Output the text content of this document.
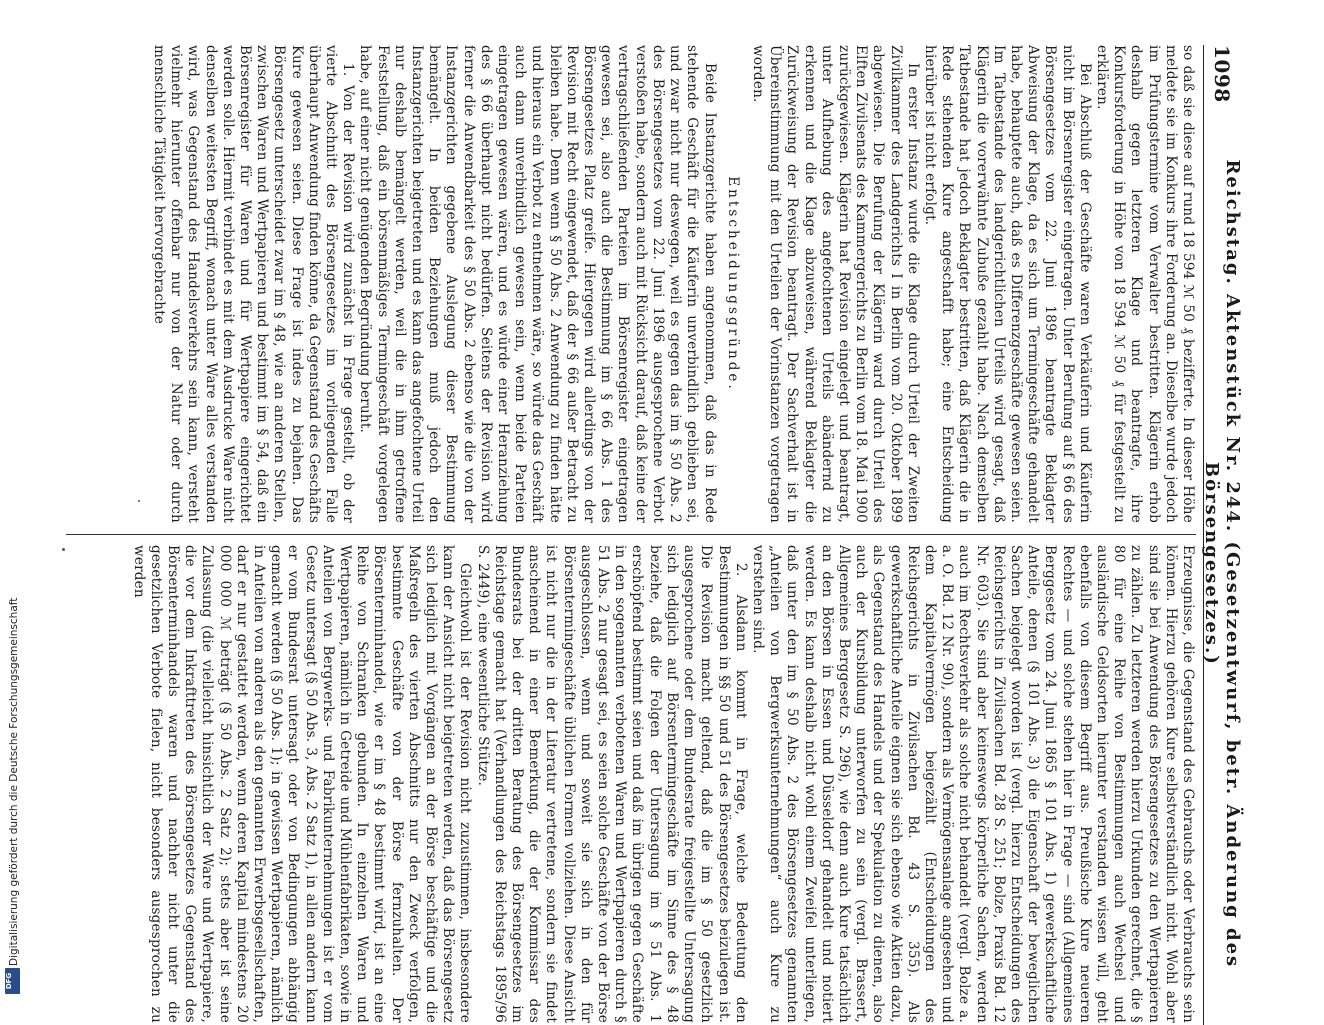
1098
Reichstag. Aktenstück Nr. 244. (Gesetzentwurf, betr. Änderung des Börsengesetzes.)

so daß sie diese auf rund 18 594 ℳ 50 ₰ bezifferte. In dieser Höhe meldete sie im Konkurs ihre Forderung an. Dieselbe wurde jedoch im Prüfungstermine vom Verwalter bestritten. Klägerin erhob deshalb gegen letzteren Klage und beantragte, ihre Konkursforderung in Höhe von 18 594 ℳ 50 ₰ für festgestellt zu erklären.

Bei Abschluß der Geschäfte waren Verkäuferin und Käuferin nicht im Börsenregister eingetragen. Unter Berufung auf § 66 des Börsengesetzes vom 22. Juni 1896 beantragte Beklagter Abweisung der Klage, da es sich um Termingeschäfte gehandelt habe, behauptete auch, daß es Differenzgeschäfte gewesen seien. Im Tatbestande des landgerichtlichen Urteils wird gesagt, daß Klägerin die vorerwähnte Zubuße gezahlt habe. Nach demselben Tatbestande hat jedoch Beklagter bestritten, daß Klägerin die in Rede stehenden Kure angeschafft habe; eine Entscheidung hierüber ist nicht erfolgt.

In erster Instanz wurde die Klage durch Urteil der Zweiten Zivilkammer des Landgerichts I in Berlin vom 20. Oktober 1899 abgewiesen. Die Berufung der Klägerin ward durch Urteil des Elften Zivilsenats des Kammergerichts zu Berlin vom 18. Mai 1900 zurückgewiesen. Klägerin hat Revision eingelegt und beantragt, unter Aufhebung des angefochtenen Urteils abändernd zu erkennen und die Klage abzuweisen, während Beklagter die Zurückweisung der Revision beantragt. Der Sachverhalt ist in Übereinstimmung mit den Urteilen der Vorinstanzen vorgetragen worden.

Entscheidungsgründe.

Beide Instanzgerichte haben angenommen, daß das in Rede stehende Geschäft für die Käuferin unverbindlich geblieben sei, und zwar nicht nur deswegen, weil es gegen das im § 50 Abs. 2 des Börsengesetzes vom 22. Juni 1896 ausgesprochene Verbot verstoßen habe, sondern auch mit Rücksicht darauf, daß keine der vertragschließenden Parteien im Börsenregister eingetragen gewesen sei, also auch die Bestimmung im § 66 Abs. 1 des Börsengesetzes Platz greife. Hiergegen wird allerdings von der Revision mit Recht eingewendet, daß der § 66 außer Betracht zu bleiben habe. Denn wenn § 50 Abs. 2 Anwendung zu finden hätte und hieraus ein Verbot zu entnehmen wäre, so würde das Geschäft auch dann unverbindlich gewesen sein, wenn beide Parteien eingetragen gewesen wären, und es würde einer Heranziehung des § 66 überhaupt nicht bedürfen. Seitens der Revision wird ferner die Anwendbarkeit des § 50 Abs. 2 ebenso wie die von der Instanzgerichten gegebene Auslegung dieser Bestimmung bemängelt. In beiden Beziehungen muß jedoch den Instanzgerichten beigetreten und es kann das angefochtene Urteil nur deshalb bemängelt werden, weil die in ihm getroffene Feststellung, daß ein börsenmäßiges Termingeschäft vorgelegen habe, auf einer nicht genügenden Begründung beruht.

1. Von der Revision wird zunächst in Frage gestellt, ob der vierte Abschnitt des Börsengesetzes im vorliegenden Falle überhaupt Anwendung finden könne, da Gegenstand des Geschäfts Kure gewesen seien. Diese Frage ist indes zu bejahen. Das Börsengesetz unterscheidet zwar im § 48, wie an anderen Stellen, zwischen Waren und Wertpapieren und bestimmt im § 54, daß ein Börsenregister für Waren und für Wertpapiere eingerichtet werden solle. Hiermit verbindet es mit dem Ausdrucke Ware nicht denselben weitesten Begriff, wonach unter Ware alles verstanden wird, was Gegenstand des Handelsverkehrs sein kann, versteht vielmehr hierunter offenbar nur von der Natur oder durch menschliche Tätigkeit hervorgebrachte

Erzeugnisse, die Gegenstand des Gebrauchs oder Verbrauchs sein können. Hierzu gehören Kure selbstverständlich nicht. Wohl aber sind sie bei Anwendung des Börsengesetzes zu den Wertpapieren zu zählen. Zu letzteren werden hierzu Urkunden gerechnet, die § 80 für eine Reihe von Bestimmungen auch Wechsel und ausländische Geldsorten hierunter verstanden wissen will, geht ebenfalls von diesem Begriff aus. Preußische Kure neueren Rechtes — und solche stehen hier in Frage — sind (Allgemeines Berggesetz vom 24. Juni 1865 § 101 Abs. 1) gewerkschaftliche Anteile, denen (§ 101 Abs. 3) die Eigenschaft der beweglichen Sachen beigelegt worden ist (vergl. hierzu Entscheidungen des Reichsgerichts in Zivilsachen Bd. 28 S. 251; Bolze, Praxis Bd. 12 Nr. 603). Sie sind aber keineswegs körperliche Sachen, werden auch im Rechtsverkehr als solche nicht behandelt (vergl. Bolze a. a. O. Bd. 12 Nr. 90), sondern als Vermögensanlage angesehen und dem Kapitalvermögen beigezählt (Entscheidungen des Reichsgerichts in Zivilsachen Bd. 43 S. 355). Als gewerkschaftliche Anteile eignen sie sich ebenso wie Aktien dazu, als Gegenstand des Handels und der Spekulation zu dienen, also auch der Kursbildung unterworfen zu sein (vergl. Brassert, Allgemeines Berggesetz S. 296), wie denn auch Kure tatsächlich an den Börsen in Essen und Düsseldorf gehandelt und notiert werden. Es kann deshalb nicht wohl einem Zweifel unterliegen, daß unter den im § 50 Abs. 2 des Börsengesetzes genannten „Anteilen von Bergwerksunternehmungen“ auch Kure zu verstehen sind.

2. Alsdann kommt in Frage, welche Bedeutung den Bestimmungen in §§ 50 und 51 des Börsengesetzes beizulegen ist. Die Revision macht geltend, daß die im § 50 gesetzlich ausgesprochene oder dem Bundesrate freigestellte Untersagung sich lediglich auf Börsentermingeschäfte im Sinne des § 48 beziehe, daß die Folgen der Untersagung im § 51 Abs. 1 erschöpfend bestimmt seien und daß im übrigen gegen Geschäfte in den sogenannten verbotenen Waren und Wertpapieren durch § 51 Abs. 2 nur gesagt sei, es seien solche Geschäfte von der Börse ausgeschlossen, wenn und soweit sie sich in den für Börsentermingeschäfte üblichen Formen vollziehen. Diese Ansicht ist nicht nur die in der Literatur vertretene, sondern sie findet anscheinend in einer Bemerkung, die der Kommissar des Bundesrats bei der dritten Beratung des Börsengesetzes im Reichstage gemacht hat (Verhandlungen des Reichstags 1895/96 S. 2449), eine wesentliche Stütze.

Gleichwohl ist der Revision nicht zuzustimmen, insbesondere kann der Ansicht nicht beigetreten werden, daß das Börsengesetz sich lediglich mit Vorgängen an der Börse beschäftige und die Maßregeln des vierten Abschnitts nur den Zweck verfolgen, bestimmte Geschäfte von der Börse fernzuhalten. Der Börsenterminhandel, wie er im § 48 bestimmt wird, ist an eine Reihe von Schranken gebunden. In einzelnen Waren und Wertpapieren, nämlich in Getreide und Mühlenfabrikaten, sowie in Anteilen von Bergwerks- und Fabrikunternehmungen ist er vom Gesetz untersagt (§ 50 Abs. 3, Abs. 2 Satz 1), in allen andern kann er vom Bundesrat untersagt oder von Bedingungen abhängig gemacht werden (§ 50 Abs. 1); in gewissen Wertpapieren, nämlich in Anteilen von anderen als den genannten Erwerbsgesellschaften, darf er nur gestattet werden, wenn deren Kapital mindestens 20 000 000 ℳ beträgt (§ 50 Abs. 2 Satz 2); stets aber ist seine Zulassung (die vielleicht hinsichtlich der Ware und Wertpapiere, die vor dem Inkrafttreten des Börsengesetzes Gegenstand des Börsenterminhandels waren und nachher nicht unter die gesetzlichen Verbote fielen, nicht besonders ausgesprochen zu werden

Digitalisierung gefördert durch die Deutsche Forschungsgemeinschaft
DFG
